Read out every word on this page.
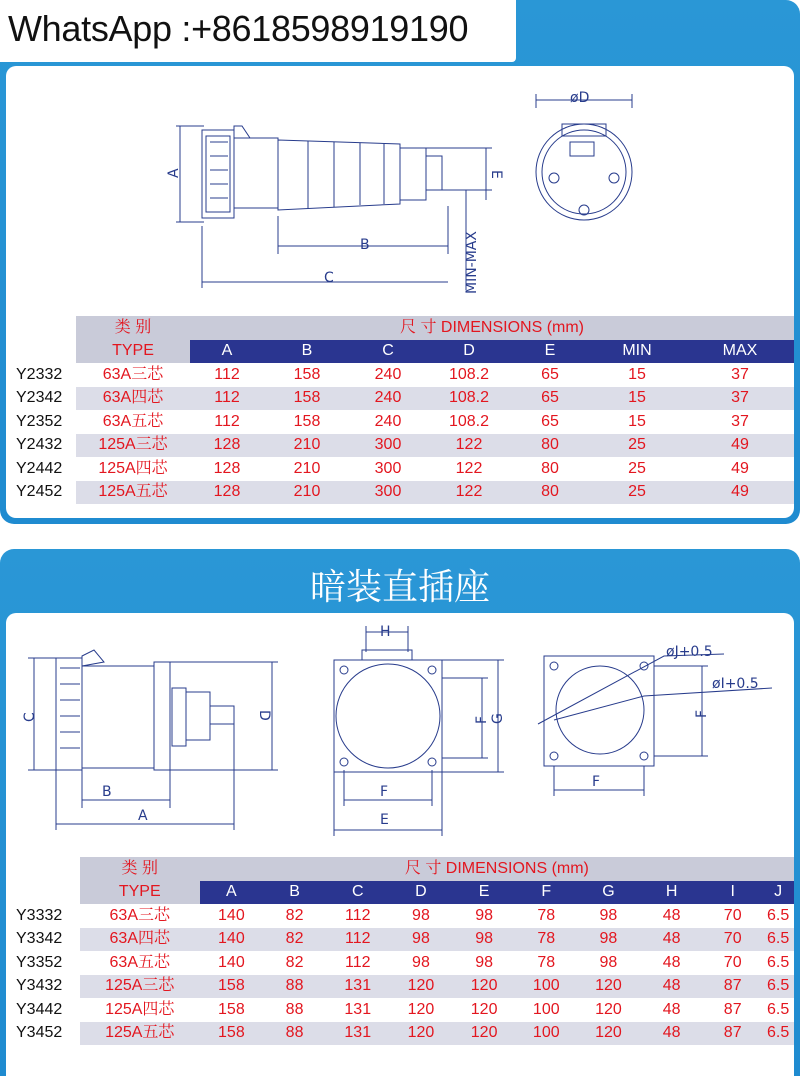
WhatsApp :+8618598919190
A	E
B
C	MIN-MAX
øD
	类 别	尺 寸 DIMENSIONS (mm)						
	TYPE	A	B	C	D	E	MIN	MAX
Y2332	63A三芯	112	158	240	108.2	65	15	37
Y2342	63A四芯	112	158	240	108.2	65	15	37
Y2352	63A五芯	112	158	240	108.2	65	15	37
Y2432	125A三芯	128	210	300	122	80	25	49
Y2442	125A四芯	128	210	300	122	80	25	49
Y2452	125A五芯	128	210	300	122	80	25	49
暗装直插座
C	D
B
A
H
F G
F
E
øJ+0.5
øI+0.5
F
F
	类 别	尺 寸 DIMENSIONS (mm)									
	TYPE	A	B	C	D	E	F	G	H	I	J
Y3332	63A三芯	140	82	112	98	98	78	98	48	70	6.5
Y3342	63A四芯	140	82	112	98	98	78	98	48	70	6.5
Y3352	63A五芯	140	82	112	98	98	78	98	48	70	6.5
Y3432	125A三芯	158	88	131	120	120	100	120	48	87	6.5
Y3442	125A四芯	158	88	131	120	120	100	120	48	87	6.5
Y3452	125A五芯	158	88	131	120	120	100	120	48	87	6.5
